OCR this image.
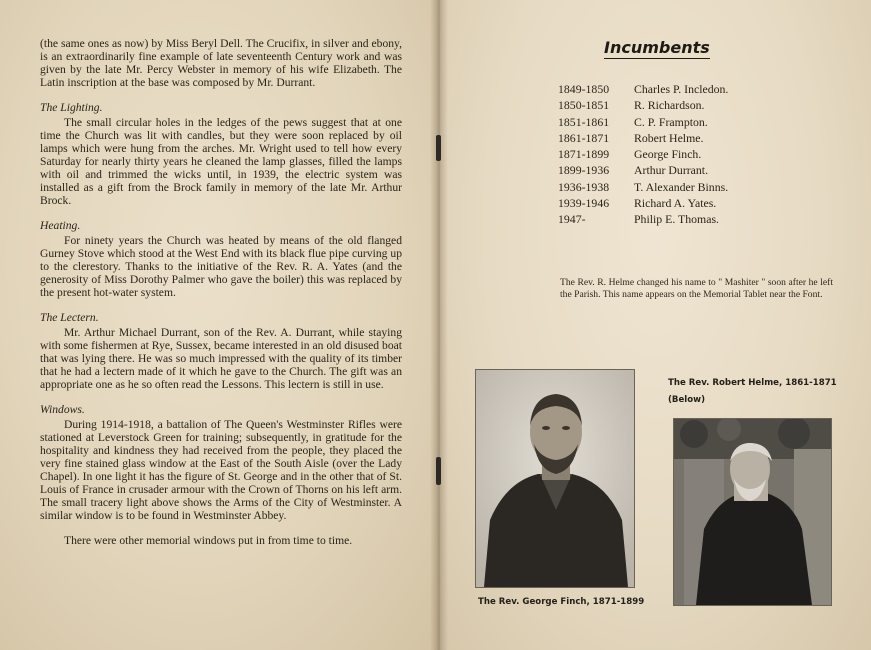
(the same ones as now) by Miss Beryl Dell. The Crucifix, in silver and ebony, is an extraordinarily fine example of late seventeenth Century work and was given by the late Mr. Percy Webster in memory of his wife Elizabeth. The Latin inscription at the base was composed by Mr. Durrant.

The Lighting.

The small circular holes in the ledges of the pews suggest that at one time the Church was lit with candles, but they were soon replaced by oil lamps which were hung from the arches. Mr. Wright used to tell how every Saturday for nearly thirty years he cleaned the lamp glasses, filled the lamps with oil and trimmed the wicks until, in 1939, the electric system was installed as a gift from the Brock family in memory of the late Mr. Arthur Brock.

Heating.

For ninety years the Church was heated by means of the old flanged Gurney Stove which stood at the West End with its black flue pipe curving up to the clerestory. Thanks to the initiative of the Rev. R. A. Yates (and the generosity of Miss Dorothy Palmer who gave the boiler) this was replaced by the present hot-water system.

The Lectern.

Mr. Arthur Michael Durrant, son of the Rev. A. Durrant, while staying with some fishermen at Rye, Sussex, became interested in an old disused boat that was lying there. He was so much impressed with the quality of its timber that he had a lectern made of it which he gave to the Church. The gift was an appropriate one as he so often read the Lessons. This lectern is still in use.

Windows.

During 1914-1918, a battalion of The Queen's Westminster Rifles were stationed at Leverstock Green for training; subsequently, in gratitude for the hospitality and kindness they had received from the people, they placed the very fine stained glass window at the East of the South Aisle (over the Lady Chapel). In one light it has the figure of St. George and in the other that of St. Louis of France in crusader armour with the Crown of Thorns on his left arm. The small tracery light above shows the Arms of the City of Westminster. A similar window is to be found in Westminster Abbey.

There were other memorial windows put in from time to time.

Incumbents
1849-1850 Charles P. Incledon.
1850-1851 R. Richardson.
1851-1861 C. P. Frampton.
1861-1871 Robert Helme.
1871-1899 George Finch.
1899-1936 Arthur Durrant.
1936-1938 T. Alexander Binns.
1939-1946 Richard A. Yates.
1947-	Philip E. Thomas.
The Rev. R. Helme changed his name to " Mashiter " soon after he left the Parish. This name appears on the Memorial Tablet near the Font.
The Rev. Robert Helme, 1861-1871
(Below)
The Rev. George Finch, 1871-1899
